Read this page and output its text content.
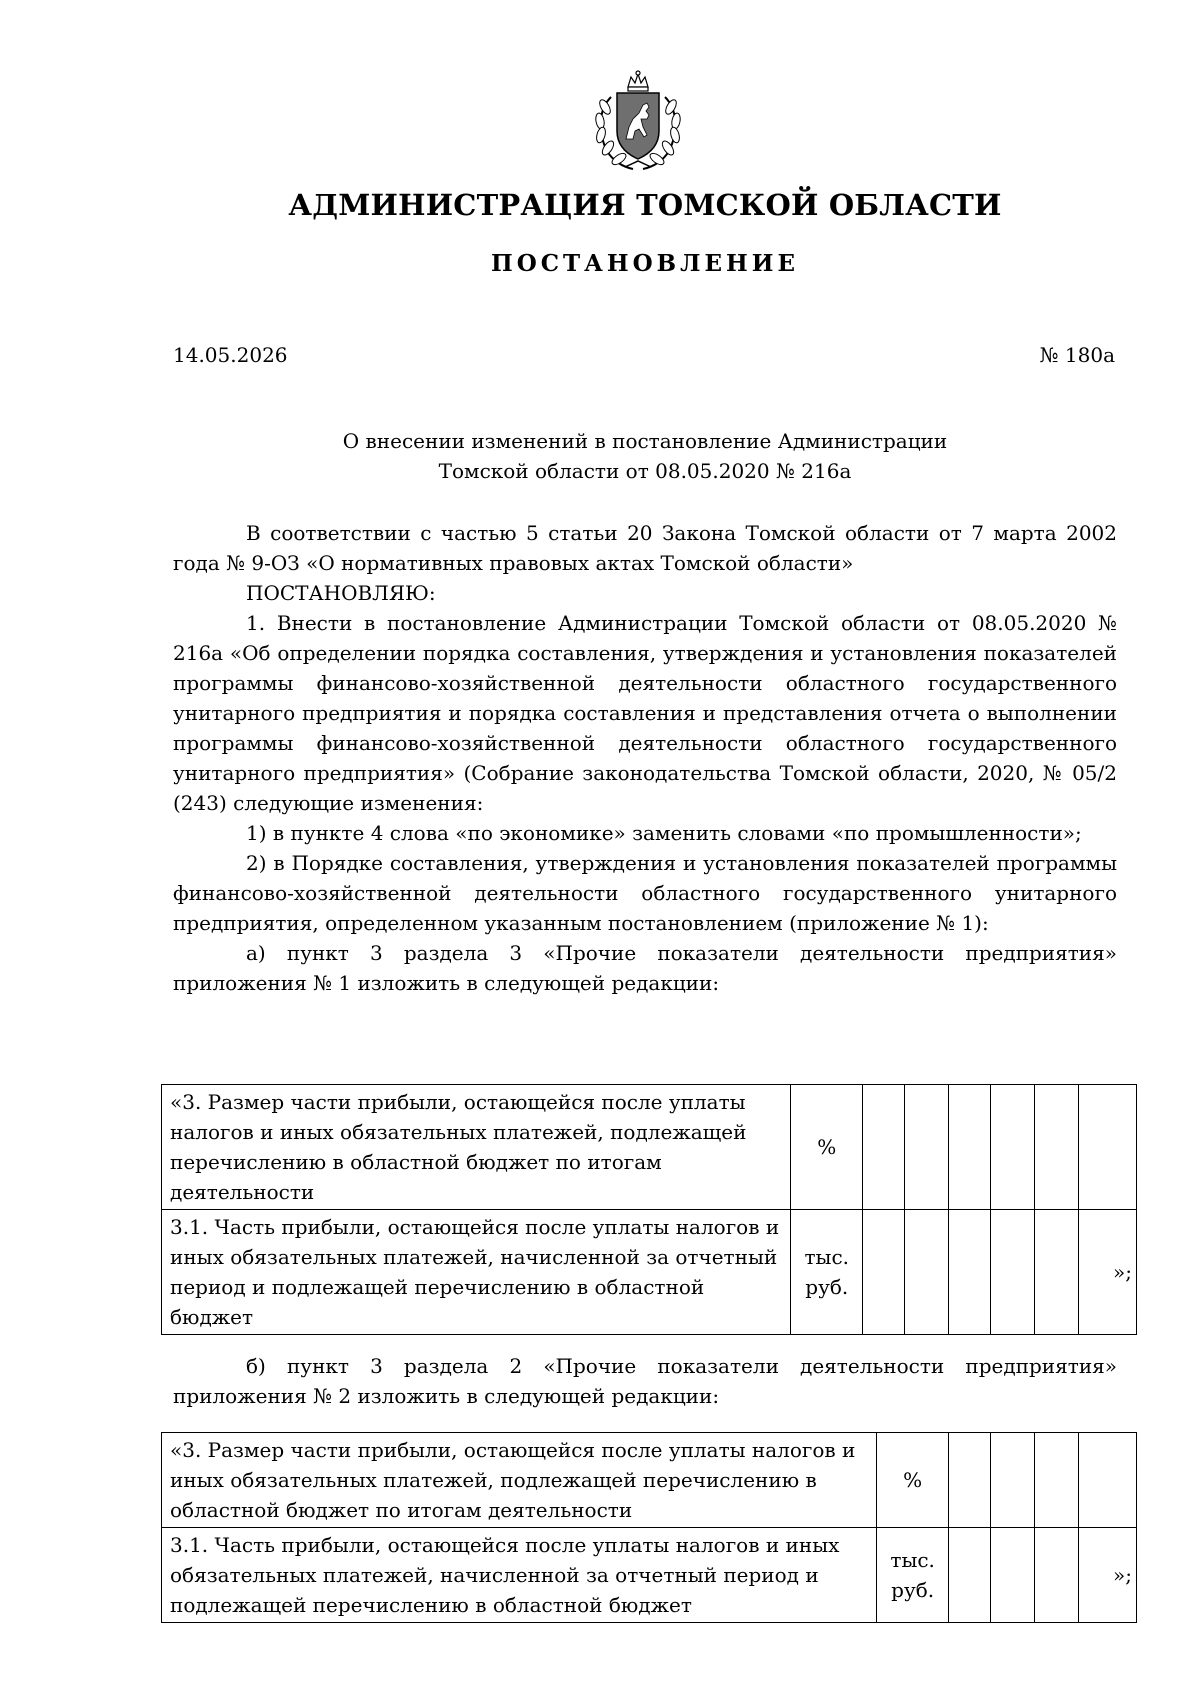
АДМИНИСТРАЦИЯ ТОМСКОЙ ОБЛАСТИ
ПОСТАНОВЛЕНИЕ
14.05.2026	№ 180а
О внесении изменений в постановление Администрации
Томской области от 08.05.2020 № 216а

В соответствии с частью 5 статьи 20 Закона Томской области от 7 марта 2002 года № 9-ОЗ «О нормативных правовых актах Томской области»

ПОСТАНОВЛЯЮ:

1. Внести в постановление Администрации Томской области от 08.05.2020 № 216а «Об определении порядка составления, утверждения и установления показателей программы финансово-хозяйственной деятельности областного государственного унитарного предприятия и порядка составления и представления отчета о выполнении программы финансово-хозяйственной деятельности областного государственного унитарного предприятия» (Собрание законодательства Томской области, 2020, № 05/2 (243) следующие изменения:

1) в пункте 4 слова «по экономике» заменить словами «по промышленности»;

2) в Порядке составления, утверждения и установления показателей программы финансово-хозяйственной деятельности областного государственного унитарного предприятия, определенном указанным постановлением (приложение № 1):

а) пункт 3 раздела 3 «Прочие показатели деятельности предприятия» приложения № 1 изложить в следующей редакции:

«3. Размер части прибыли, остающейся после уплаты налогов и иных обязательных платежей, подлежащей перечислению в областной бюджет по итогам деятельности	%						
3.1. Часть прибыли, остающейся после уплаты налогов и иных обязательных платежей, начисленной за отчетный период и подлежащей перечислению в областной бюджет	тыс. руб.						»;

б) пункт 3 раздела 2 «Прочие показатели деятельности предприятия» приложения № 2 изложить в следующей редакции:

«3. Размер части прибыли, остающейся после уплаты налогов и иных обязательных платежей, подлежащей перечислению в областной бюджет по итогам деятельности	%				
3.1. Часть прибыли, остающейся после уплаты налогов и иных обязательных платежей, начисленной за отчетный период и подлежащей перечислению в областной бюджет	тыс. руб.				»;
